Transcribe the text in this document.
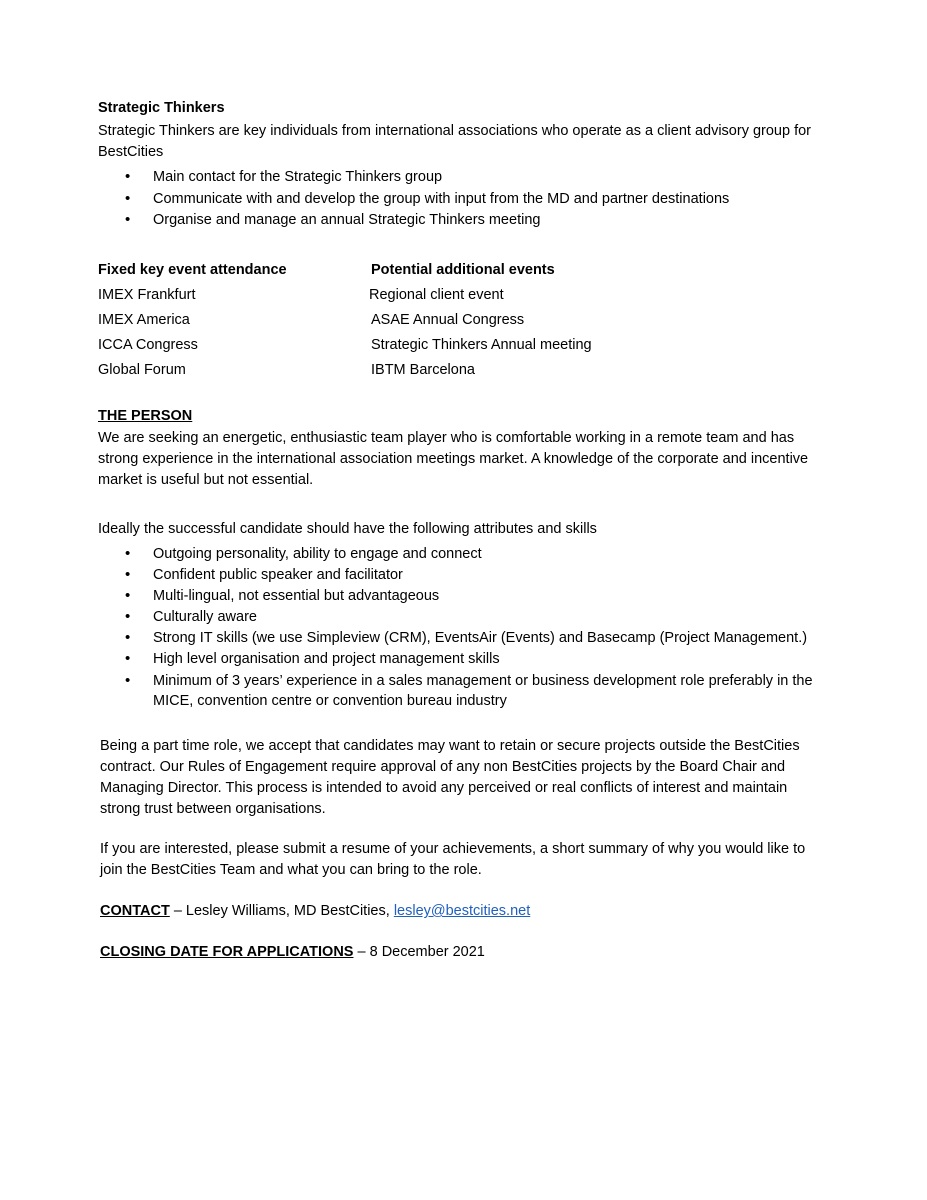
Strategic Thinkers

Strategic Thinkers are key individuals from international associations who operate as a client advisory group for BestCities

• Main contact for the Strategic Thinkers group
• Communicate with and develop the group with input from the MD and partner destinations
• Organise and manage an annual Strategic Thinkers meeting
Fixed key event attendance	Potential additional events
IMEX Frankfurt	Regional client event
IMEX America	ASAE Annual Congress
ICCA Congress	Strategic Thinkers Annual meeting
Global Forum	IBTM Barcelona

THE PERSON

We are seeking an energetic, enthusiastic team player who is comfortable working in a remote team and has strong experience in the international association meetings market. A knowledge of the corporate and incentive market is useful but not essential.

Ideally the successful candidate should have the following attributes and skills

• Outgoing personality, ability to engage and connect
• Confident public speaker and facilitator
• Multi-lingual, not essential but advantageous
• Culturally aware
• Strong IT skills (we use Simpleview (CRM), EventsAir (Events) and Basecamp (Project Management.)
• High level organisation and project management skills
• Minimum of 3 years’ experience in a sales management or business development role preferably in the MICE, convention centre or convention bureau industry

Being a part time role, we accept that candidates may want to retain or secure projects outside the BestCities contract. Our Rules of Engagement require approval of any non BestCities projects by the Board Chair and Managing Director. This process is intended to avoid any perceived or real conflicts of interest and maintain strong trust between organisations.

If you are interested, please submit a resume of your achievements, a short summary of why you would like to join the BestCities Team and what you can bring to the role.

CONTACT – Lesley Williams, MD BestCities, lesley@bestcities.net

CLOSING DATE FOR APPLICATIONS – 8 December 2021
